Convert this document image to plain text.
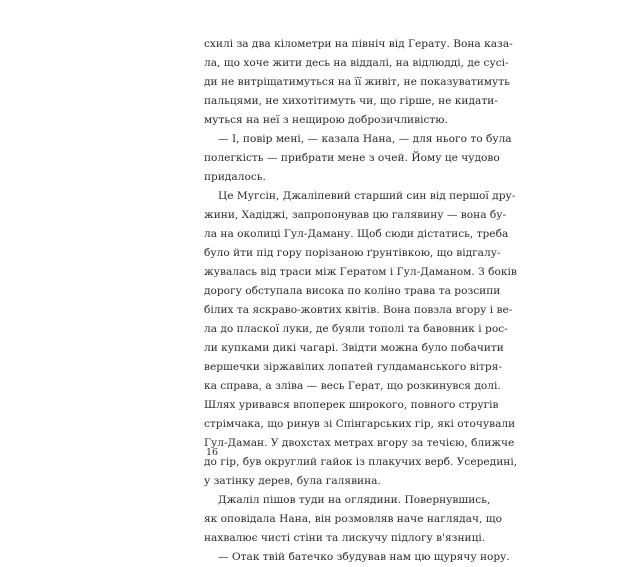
схилі за два кілометри на північ від Герату. Вона каза-
ла, що хоче жити десь на віддалі, на відлюдді, де сусі-
ди не витріщатимуться на її живіт, не показуватимуть
пальцями, не хихотітимуть чи, що гірше, не кидати-
муться на неї з нещирою доброзичливістю.
— І, повір мені, — казала Нана, — для нього то була
полегкість — прибрати мене з очей. Йому це чудово
придалось.
Це Мугсін, Джаліпевий старший син від першої дру-
жини, Хадіджі, запропонував цю галявину — вона бу-
ла на околиці Гул-Даману. Щоб сюди дістатись, треба
було йти під гору порізаною ґрунтівкою, що відгалу-
жувалась від траси між Гератом і Гул-Даманом. З боків
дорогу обступала висока по коліно трава та розсипи
білих та яскраво-жовтих квітів. Вона повзла вгору і ве-
ла до пласкої луки, де буяли тополі та бавовник і рос-
ли купками дикі чагарі. Звідти можна було побачити
вершечки зіржавілих лопатей гулдаманського вітря-
ка справа, а зліва — весь Герат, що розкинувся долі.
Шлях уривався впоперек широкого, повного стругів
стрімчака, що ринув зі Спінгарських гір, які оточували
Гул-Даман. У двохстах метрах вгору за течією, ближче
до гір, був округлий гайок із плакучих верб. Усередині,
у затінку дерев, була галявина.
Джаліл пішов туди на оглядини. Повернувшись,
як оповідала Нана, він розмовляв наче наглядач, що
нахвалює чисті стіни та лискучу підлогу в'язниці.
— Отак твій батечко збудував нам цю щурячу нору.
16
